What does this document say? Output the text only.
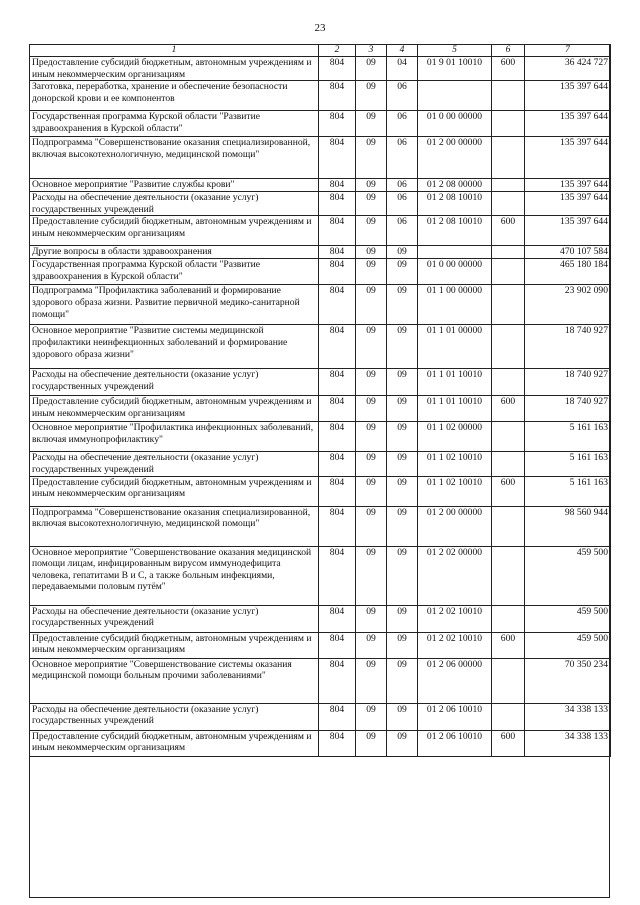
23
1	2	3	4	5	6	7
Предоставление субсидий бюджетным, автономным учреждениям и иным некоммерческим организациям	804	09	04	01 9 01 10010	600	36 424 727
Заготовка, переработка, хранение и обеспечение безопасности донорской крови и ее компонентов	804	09	06			135 397 644
Государственная программа Курской области "Развитие здравоохранения в Курской области"	804	09	06	01 0 00 00000		135 397 644
Подпрограмма "Совершенствование оказания специализированной, включая высокотехнологичную, медицинской помощи"	804	09	06	01 2 00 00000		135 397 644
Основное мероприятие "Развитие службы крови"	804	09	06	01 2 08 00000		135 397 644
Расходы на обеспечение деятельности (оказание услуг) государственных учреждений	804	09	06	01 2 08 10010		135 397 644
Предоставление субсидий бюджетным, автономным учреждениям и иным некоммерческим организациям	804	09	06	01 2 08 10010	600	135 397 644
Другие вопросы в области здравоохранения	804	09	09			470 107 584
Государственная программа Курской области "Развитие здравоохранения в Курской области"	804	09	09	01 0 00 00000		465 180 184
Подпрограмма "Профилактика заболеваний и формирование здорового образа жизни. Развитие первичной медико-санитарной помощи"	804	09	09	01 1 00 00000		23 902 090
Основное мероприятие "Развитие системы медицинской профилактики неинфекционных заболеваний и формирование здорового образа жизни"	804	09	09	01 1 01 00000		18 740 927
Расходы на обеспечение деятельности (оказание услуг) государственных учреждений	804	09	09	01 1 01 10010		18 740 927
Предоставление субсидий бюджетным, автономным учреждениям и иным некоммерческим организациям	804	09	09	01 1 01 10010	600	18 740 927
Основное мероприятие "Профилактика инфекционных заболеваний, включая иммунопрофилактику"	804	09	09	01 1 02 00000		5 161 163
Расходы на обеспечение деятельности (оказание услуг) государственных учреждений	804	09	09	01 1 02 10010		5 161 163
Предоставление субсидий бюджетным, автономным учреждениям и иным некоммерческим организациям	804	09	09	01 1 02 10010	600	5 161 163
Подпрограмма "Совершенствование оказания специализированной, включая высокотехнологичную, медицинской помощи"	804	09	09	01 2 00 00000		98 560 944
Основное мероприятие "Совершенствование оказания медицинской помощи лицам, инфицированным вирусом иммунодефицита человека, гепатитами В и С, а также больным инфекциями, передаваемыми половым путём"	804	09	09	01 2 02 00000		459 500
Расходы на обеспечение деятельности (оказание услуг) государственных учреждений	804	09	09	01 2 02 10010		459 500
Предоставление субсидий бюджетным, автономным учреждениям и иным некоммерческим организациям	804	09	09	01 2 02 10010	600	459 500
Основное мероприятие "Совершенствование системы оказания медицинской помощи больным прочими заболеваниями"	804	09	09	01 2 06 00000		70 350 234
Расходы на обеспечение деятельности (оказание услуг) государственных учреждений	804	09	09	01 2 06 10010		34 338 133
Предоставление субсидий бюджетным, автономным учреждениям и иным некоммерческим организациям	804	09	09	01 2 06 10010	600	34 338 133
